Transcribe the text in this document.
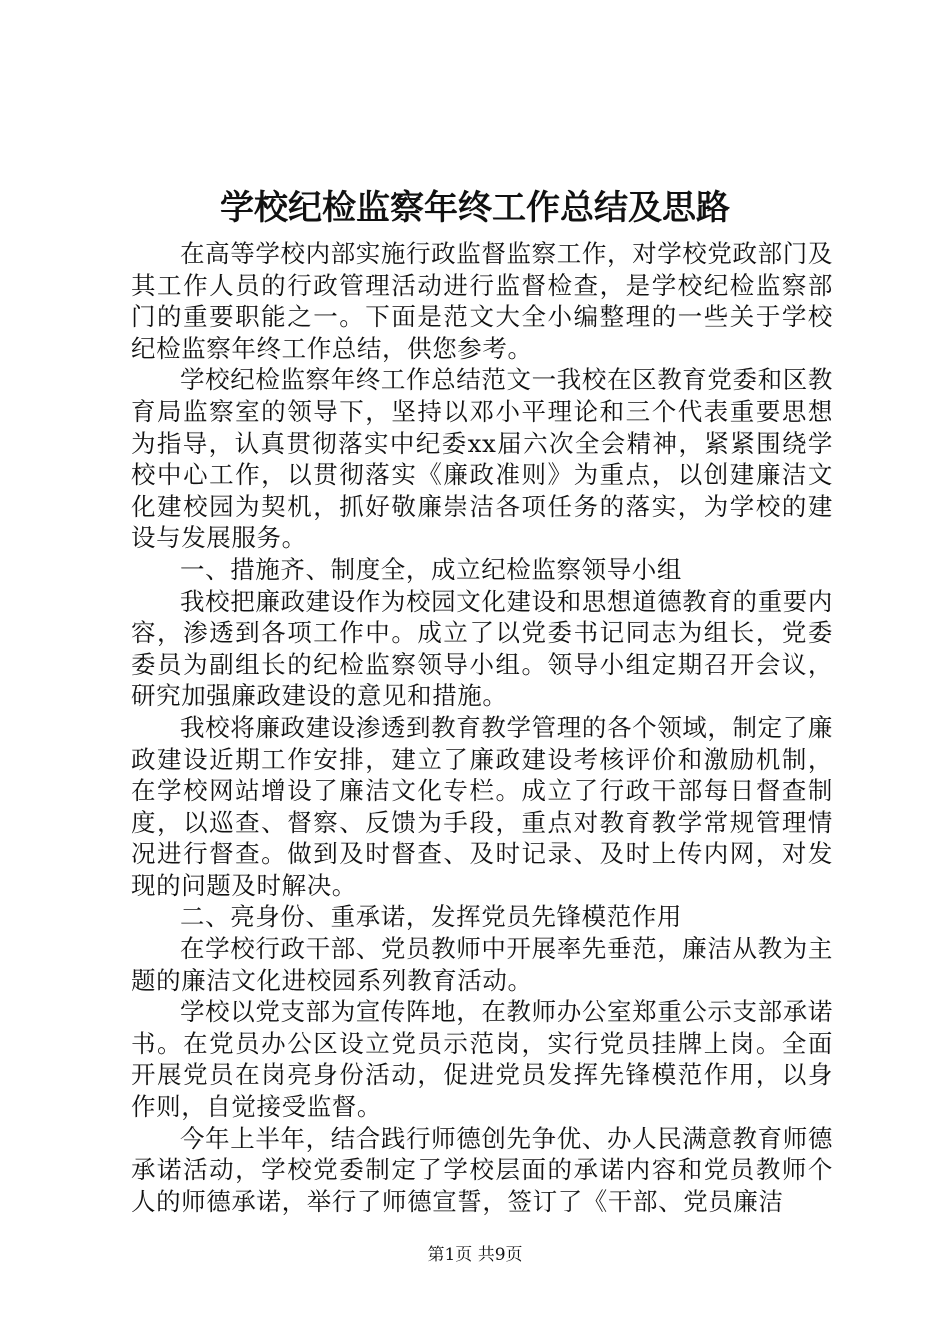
学校纪检监察年终工作总结及思路

在高等学校内部实施行政监督监察工作，对学校党政部门及其工作人员的行政管理活动进行监督检查，是学校纪检监察部门的重要职能之一。下面是范文大全小编整理的一些关于学校纪检监察年终工作总结，供您参考。

学校纪检监察年终工作总结范文一我校在区教育党委和区教育局监察室的领导下，坚持以邓小平理论和三个代表重要思想为指导，认真贯彻落实中纪委xx届六次全会精神，紧紧围绕学校中心工作，以贯彻落实《廉政准则》为重点，以创建廉洁文化建校园为契机，抓好敬廉崇洁各项任务的落实，为学校的建设与发展服务。

一、措施齐、制度全，成立纪检监察领导小组

我校把廉政建设作为校园文化建设和思想道德教育的重要内容，渗透到各项工作中。成立了以党委书记同志为组长，党委委员为副组长的纪检监察领导小组。领导小组定期召开会议，研究加强廉政建设的意见和措施。

我校将廉政建设渗透到教育教学管理的各个领域，制定了廉政建设近期工作安排，建立了廉政建设考核评价和激励机制，在学校网站增设了廉洁文化专栏。成立了行政干部每日督查制度，以巡查、督察、反馈为手段，重点对教育教学常规管理情况进行督查。做到及时督查、及时记录、及时上传内网，对发现的问题及时解决。

二、亮身份、重承诺，发挥党员先锋模范作用

在学校行政干部、党员教师中开展率先垂范，廉洁从教为主题的廉洁文化进校园系列教育活动。

学校以党支部为宣传阵地，在教师办公室郑重公示支部承诺书。在党员办公区设立党员示范岗，实行党员挂牌上岗。全面开展党员在岗亮身份活动，促进党员发挥先锋模范作用，以身作则，自觉接受监督。

今年上半年，结合践行师德创先争优、办人民满意教育师德承诺活动，学校党委制定了学校层面的承诺内容和党员教师个人的师德承诺，举行了师德宣誓，签订了《干部、党员廉洁

第1页 共9页
